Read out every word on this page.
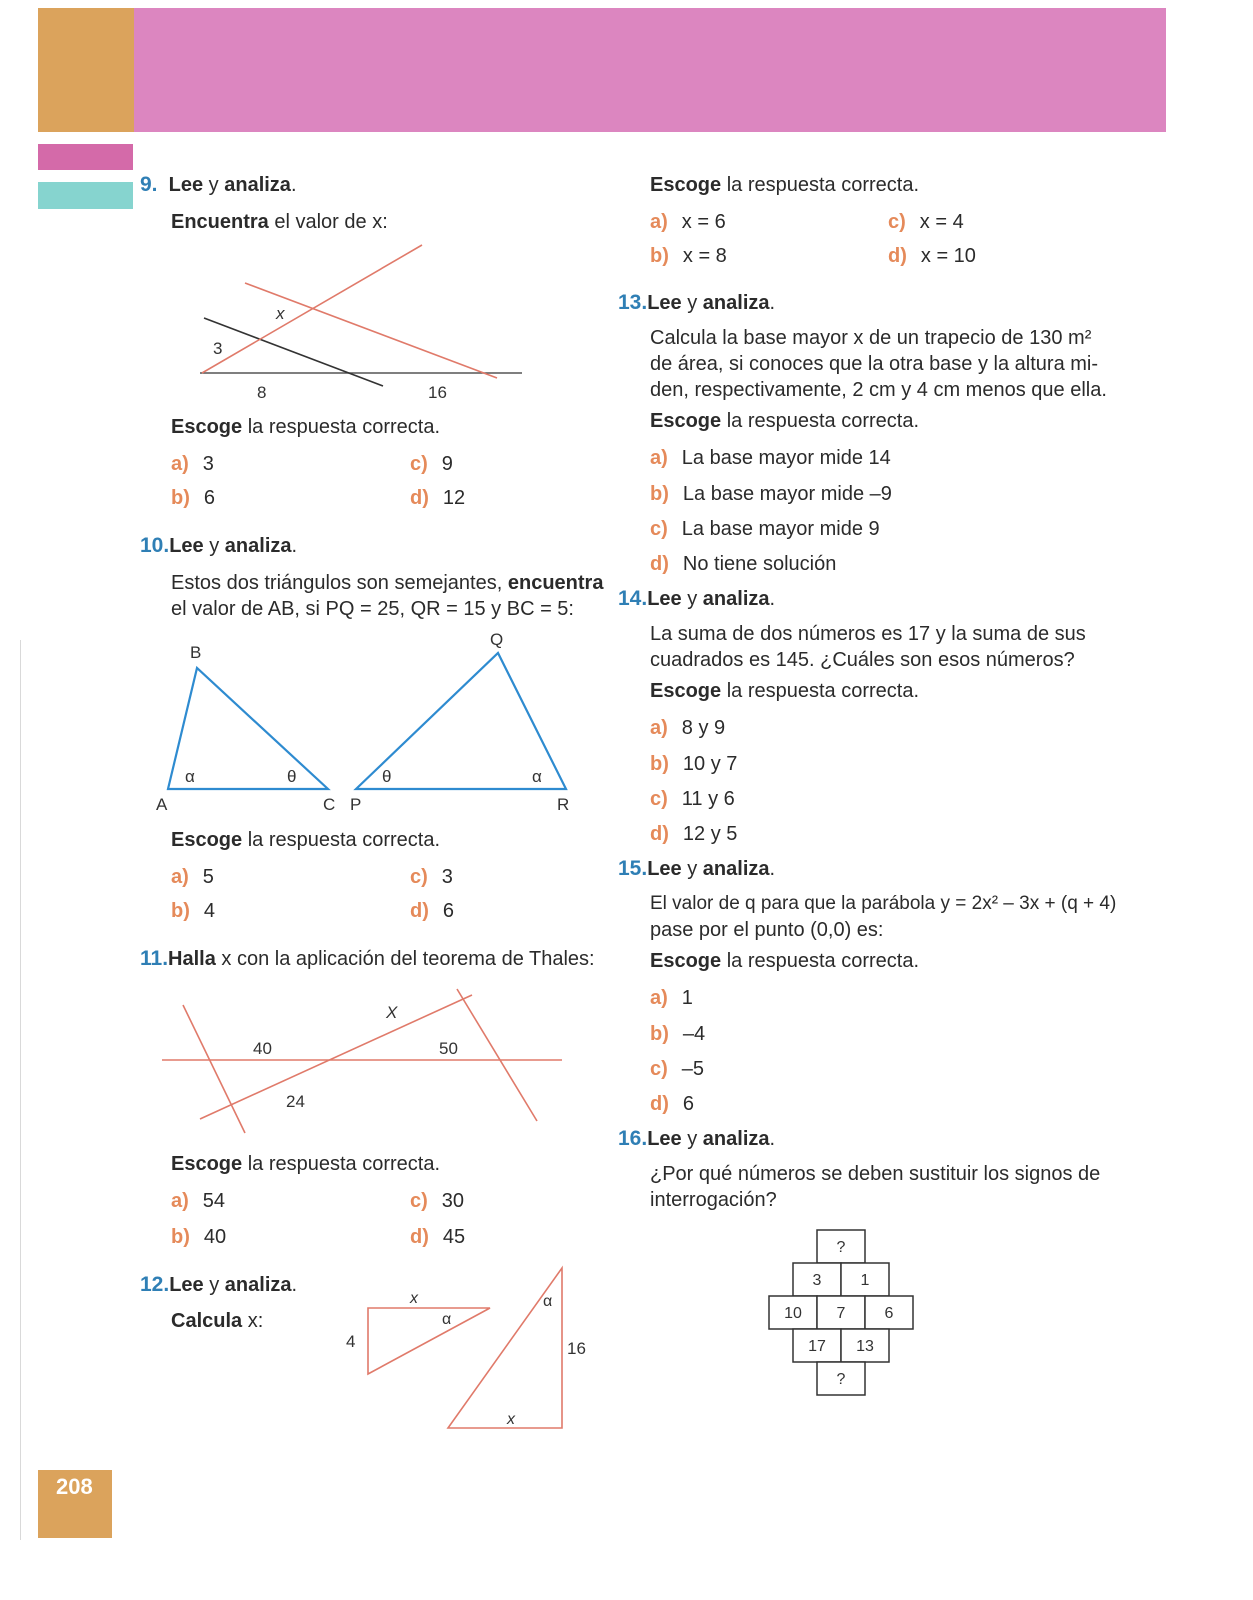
9. Lee y analiza.
Encuentra el valor de x:
x
3
8	16
Escoge la respuesta correcta.
a) 3
b) 6
c) 9
d) 12
10.Lee y analiza.
Estos dos triángulos son semejantes, encuentra
el valor de AB, si PQ = 25, QR = 15 y BC = 5:
B
A	C P
Q
R
α	θ	θ	α
Escoge la respuesta correcta.
a) 5
b) 4
c) 3
d) 6
11.Halla x con la aplicación del teorema de Thales:
X
40	50
24
Escoge la respuesta correcta.
a) 54
b) 40
c) 30
d) 45
12.Lee y analiza.
Calcula x:
x
α
4
α
16
x
Escoge la respuesta correcta.
a) x = 6
b) x = 8
c) x = 4
d) x = 10
13.Lee y analiza.
Calcula la base mayor x de un trapecio de 130 m²
de área, si conoces que la otra base y la altura mi-
den, respectivamente, 2 cm y 4 cm menos que ella.
Escoge la respuesta correcta.
a) La base mayor mide 14
b) La base mayor mide –9
c) La base mayor mide 9
d) No tiene solución
14.Lee y analiza.
La suma de dos números es 17 y la suma de sus
cuadrados es 145. ¿Cuáles son esos números?
Escoge la respuesta correcta.
a) 8 y 9
b) 10 y 7
c) 11 y 6
d) 12 y 5
15.Lee y analiza.
El valor de q para que la parábola y = 2x² – 3x + (q + 4)
pase por el punto (0,0) es:
Escoge la respuesta correcta.
a) 1
b) –4
c) –5
d) 6
16.Lee y analiza.
¿Por qué números se deben sustituir los signos de
interrogación?
?
3 1
10 7 6
17 13
?
208
